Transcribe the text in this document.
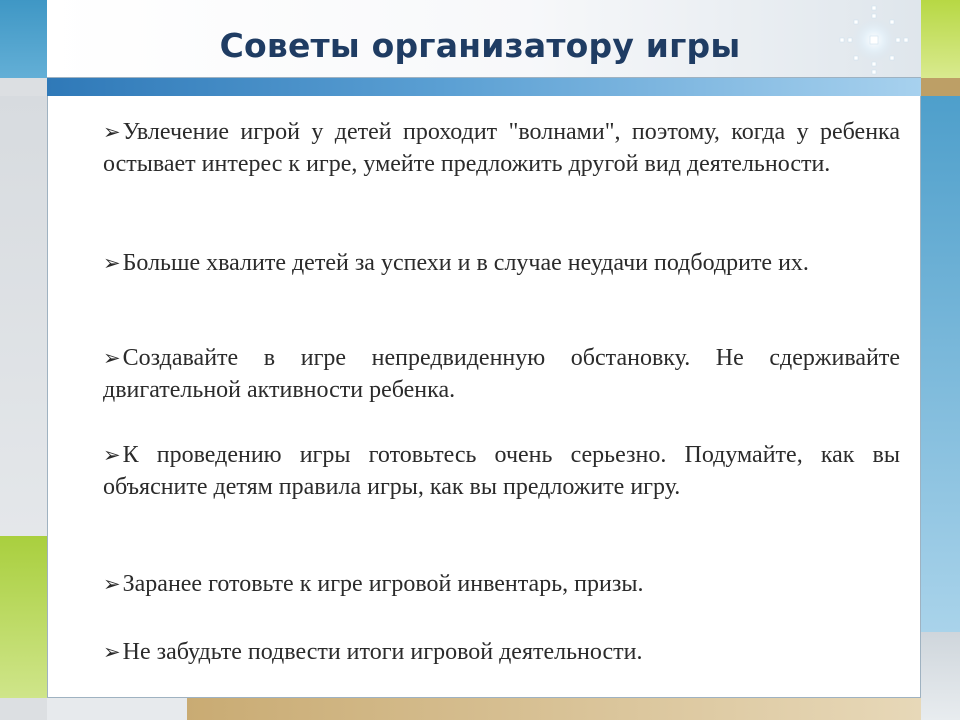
Советы организатору игры

➢Увлечение игрой у детей проходит "волнами", поэтому, когда у ребенка остывает интерес к игре, умейте предложить другой вид деятельности.

➢Больше хвалите детей за успехи и в случае неудачи подбодрите их.

➢Создавайте в игре непредвиденную обстановку. Не сдерживайте двигательной активности ребенка.

➢К проведению игры готовьтесь очень серьезно. Подумайте, как вы объясните детям правила игры, как вы предложите игру.

➢Заранее готовьте к игре игровой инвентарь, призы.

➢Не забудьте подвести итоги игровой деятельности.
